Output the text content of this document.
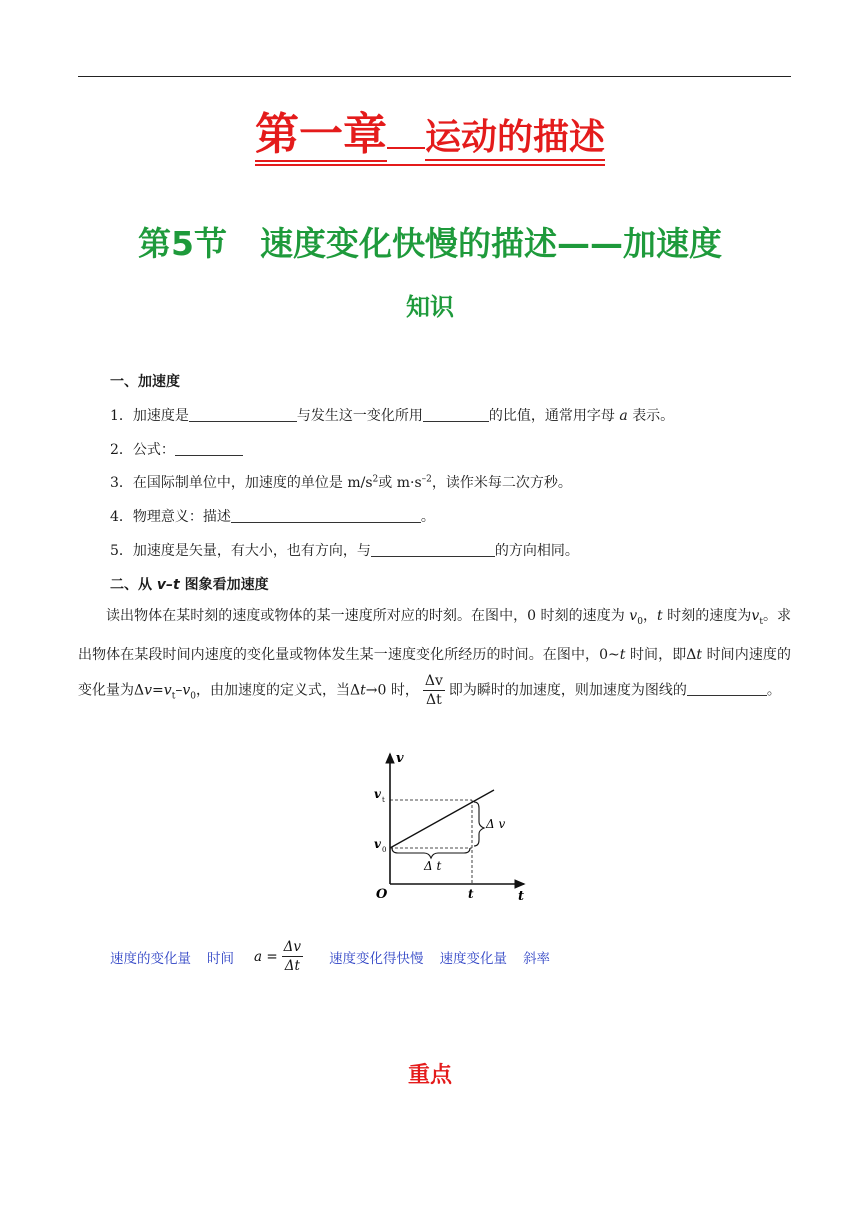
第一章 运动的描述
第5节　速度变化快慢的描述——加速度
知识
一、加速度
1．加速度是	与发生这一变化所用	的比值，通常用字母 a 表示。
2．公式：
3．在国际制单位中，加速度的单位是 $m/s^2$或 $m\cdot s^{-2}$，读作米每二次方秒。
4．物理意义：描述	。
5．加速度是矢量，有大小，也有方向，与	的方向相同。
二、从 v–t 图象看加速度
读出物体在某时刻的速度或物体的某一速度所对应的时刻。在图中，0 时刻的速度为 $v_0$，t 时刻的速度为$v_t$。求出物体在某段时间内速度的变化量或物体发生某一速度变化所经历的时间。在图中，0~t 时间，即Δt 时间内速度的变化量为$\Delta v=v_t-v_0$，由加速度的定义式，当Δt→0 时， $\frac{\Delta v}{\Delta t}$ 即为瞬时的加速度，则加速度为图线的	。
v
t
O
Δ v
Δ t
v t
v 0
t
速度的变化量 时间 a
= $\frac{\Delta v}{\Delta t}$ 速度变化得快慢 速度变化量 斜率
重点
